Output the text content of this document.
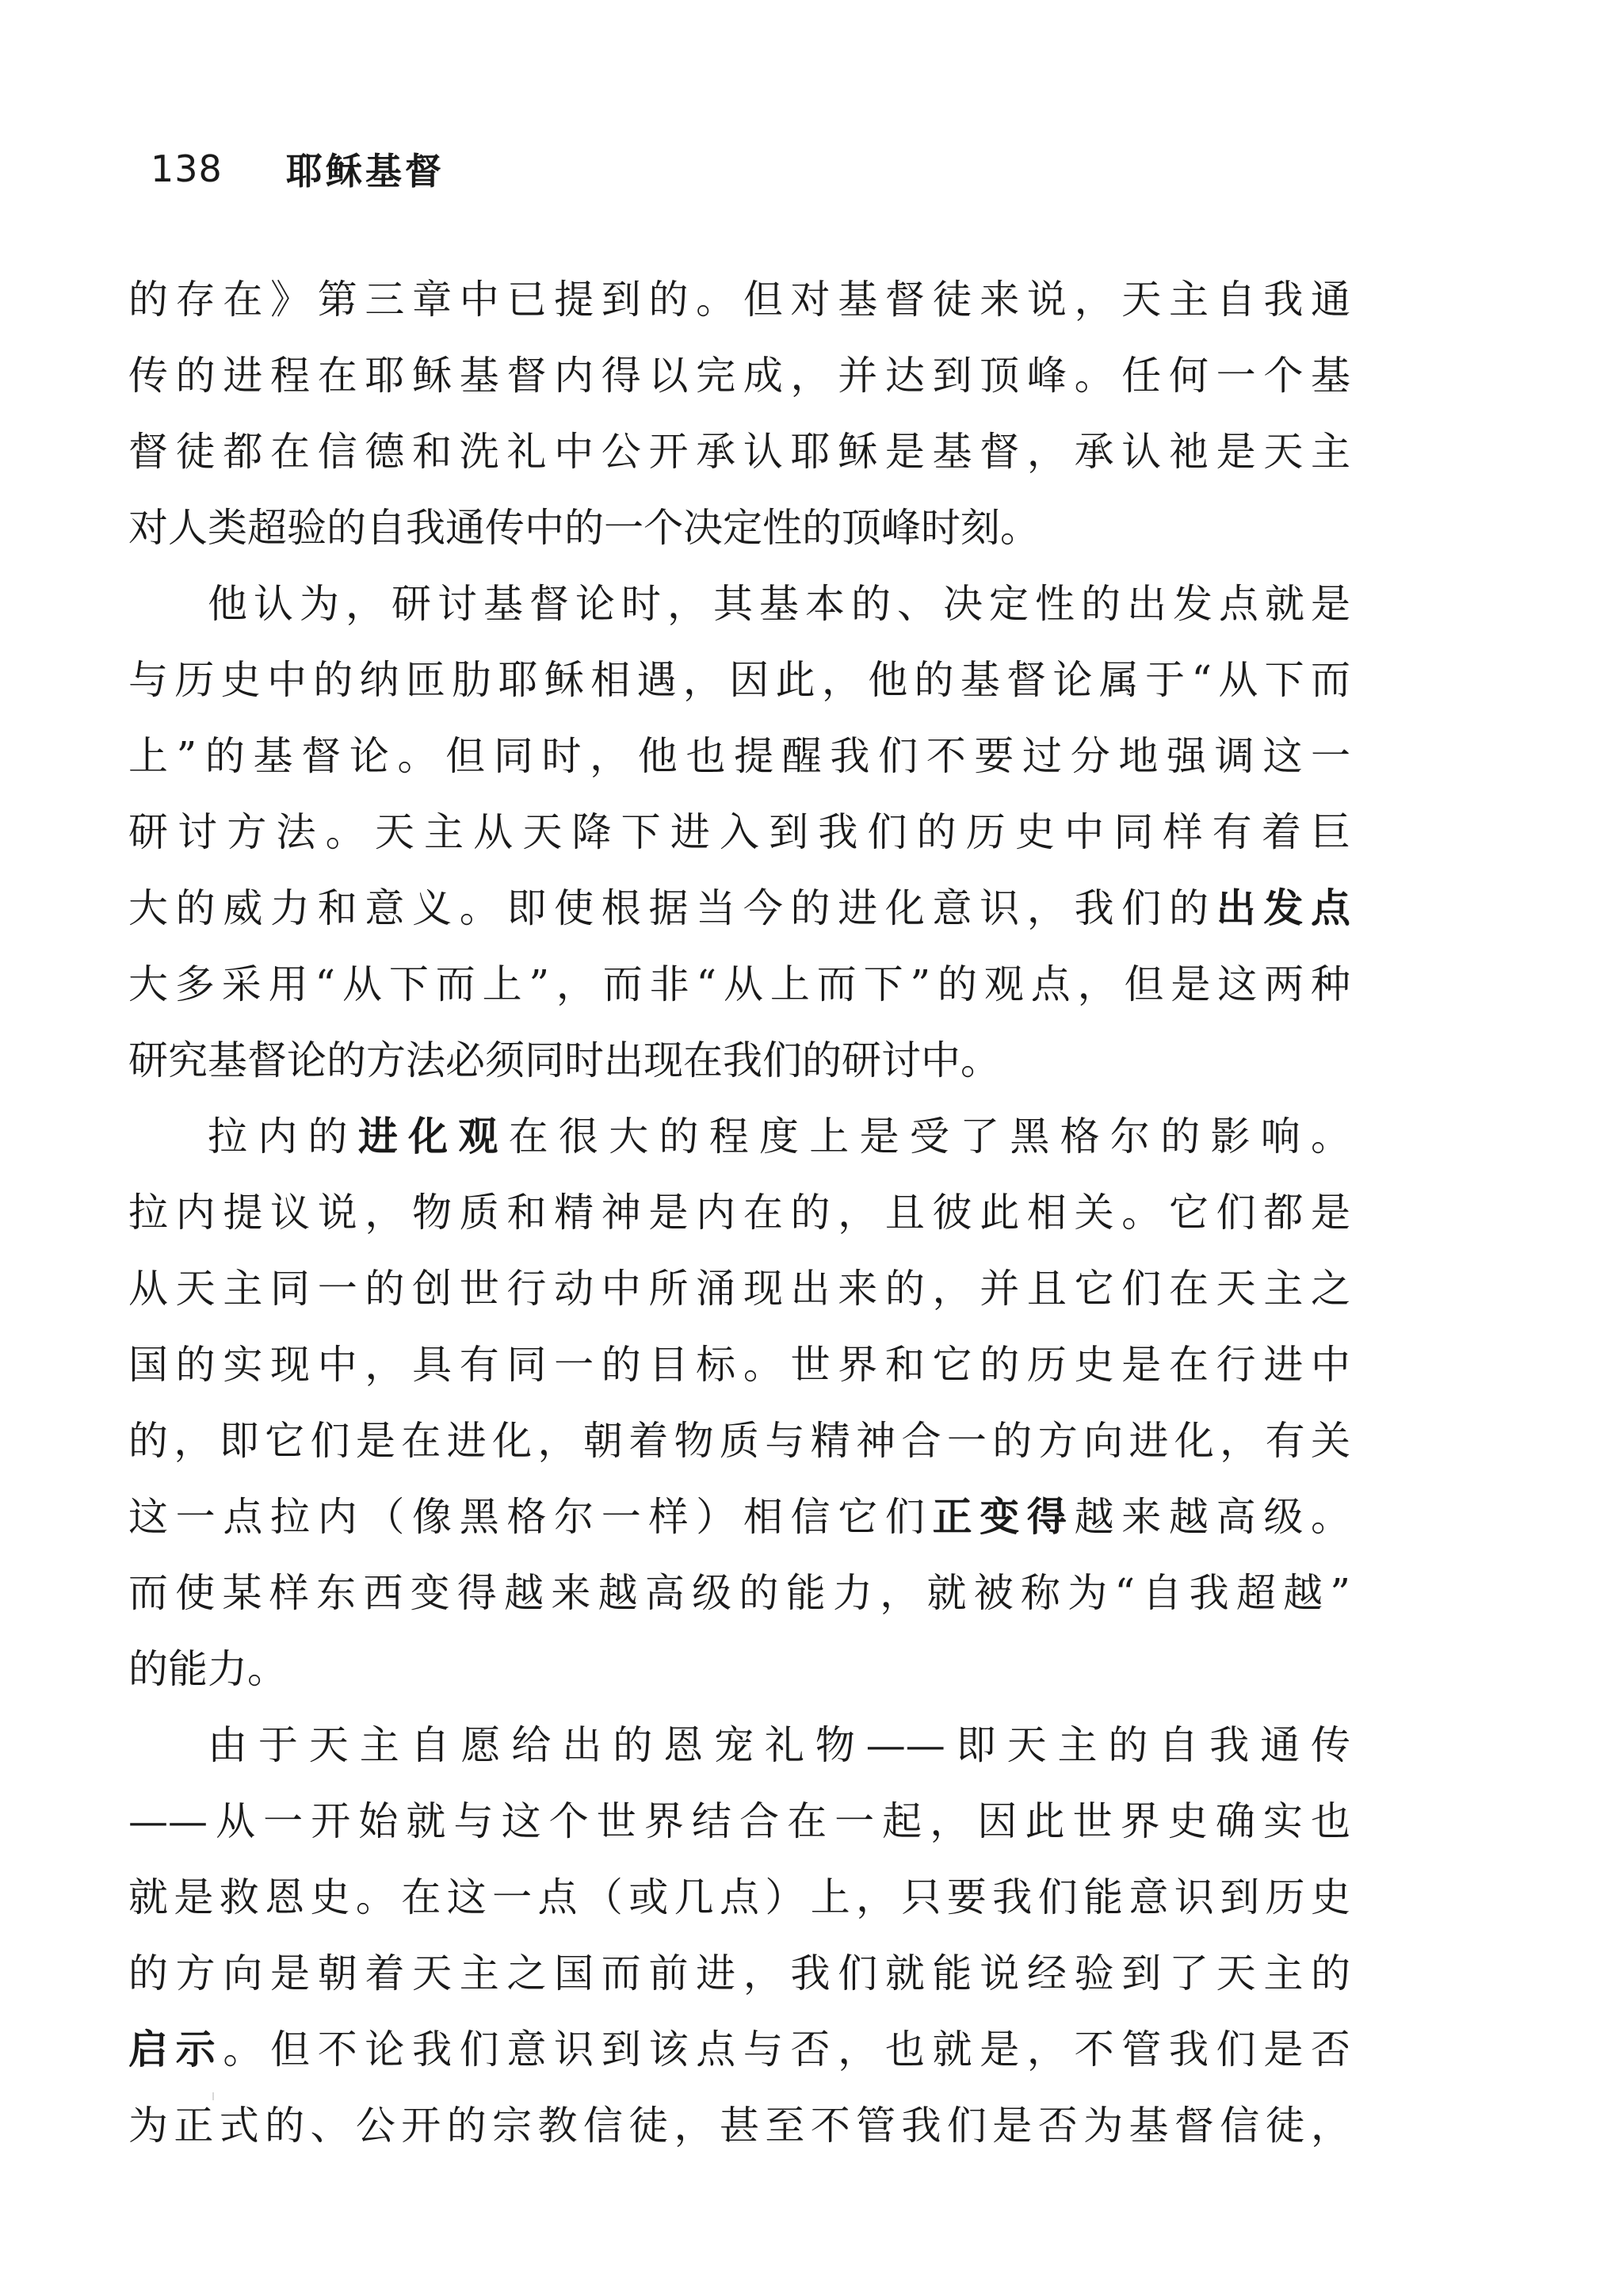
138 耶稣基督

的存在》第三章中已提到的。但对基督徒来说，天主自我通
传的进程在耶稣基督内得以完成，并达到顶峰。任何一个基
督徒都在信德和洗礼中公开承认耶稣是基督，承认祂是天主
对人类超验的自我通传中的一个决定性的顶峰时刻。

他认为，研讨基督论时，其基本的、决定性的出发点就是
与历史中的纳匝肋耶稣相遇，因此，他的基督论属于“从下而
上”的基督论。但同时，他也提醒我们不要过分地强调这一
研讨方法。天主从天降下进入到我们的历史中同样有着巨
大的威力和意义。即使根据当今的进化意识，我们的出发点
大多采用“从下而上”，而非“从上而下”的观点，但是这两种
研究基督论的方法必须同时出现在我们的研讨中。

拉内的进化观在很大的程度上是受了黑格尔的影响。
拉内提议说，物质和精神是内在的，且彼此相关。它们都是
从天主同一的创世行动中所涌现出来的，并且它们在天主之
国的实现中，具有同一的目标。世界和它的历史是在行进中
的，即它们是在进化，朝着物质与精神合一的方向进化，有关
这一点拉内（像黑格尔一样）相信它们正变得越来越高级。
而使某样东西变得越来越高级的能力，就被称为“自我超越”
的能力。

由于天主自愿给出的恩宠礼物——即天主的自我通传
——从一开始就与这个世界结合在一起，因此世界史确实也
就是救恩史。在这一点（或几点）上，只要我们能意识到历史
的方向是朝着天主之国而前进，我们就能说经验到了天主的
启示。但不论我们意识到该点与否，也就是，不管我们是否
为正式的、公开的宗教信徒，甚至不管我们是否为基督信徒，
